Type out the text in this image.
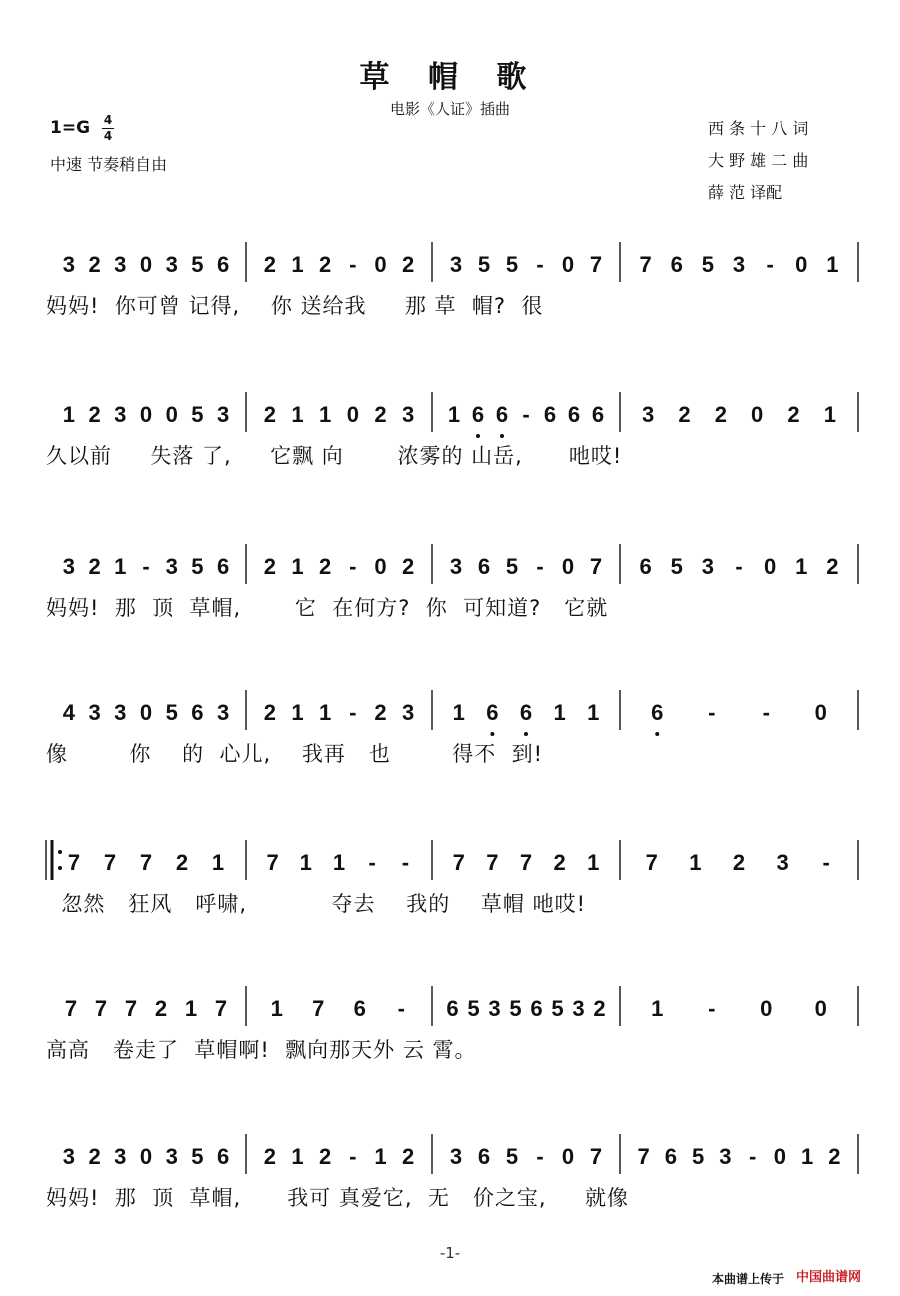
草 帽 歌
电影《人证》插曲
1=G 4
4
中速 节奏稍自由
西 条 十 八 词
大 野 雄 二 曲
薛 范 译配
3 2 3 0 3 5 6 2 1 2 - 0 2 3 5 5 - 0 7 7 6 5 3 - 0 1
妈妈!  你可曾 记得,    你 送给我     那 草  帽?  很
1 2 3 0 0 5 3 2 1 1 0 2 3 1 6 6 - 6 6 6 3 2 2 0 2 1
久以前     失落 了,     它飘 向       浓雾的 山岳,      吔哎!
3 2 1 - 3 5 6 2 1 2 - 0 2 3 6 5 - 0 7 6 5 3 - 0 1 2
妈妈!  那  顶  草帽,       它  在何方?  你  可知道?   它就
4 3 3 0 5 6 3 2 1 1 - 2 3 1 6 6 1 1 6 - - 0
像        你    的  心儿,    我再   也        得不  到!
7 7 7 2 1 7 1 1 - - 7 7 7 2 1 7 1 2 3 -
忽然   狂风   呼啸,           夺去    我的    草帽 吔哎!
7 7 7 2 1 7 1 7 6 - 6 5 3 5 6 5 3 2 1 - 0 0
高高   卷走了  草帽啊!  飘向那天外 云 霄。
3 2 3 0 3 5 6 2 1 2 - 1 2 3 6 5 - 0 7 7 6 5 3 - 0 1 2
妈妈!  那  顶  草帽,      我可 真爱它,  无   价之宝,     就像
-1-
本曲谱上传于 中国曲谱网
